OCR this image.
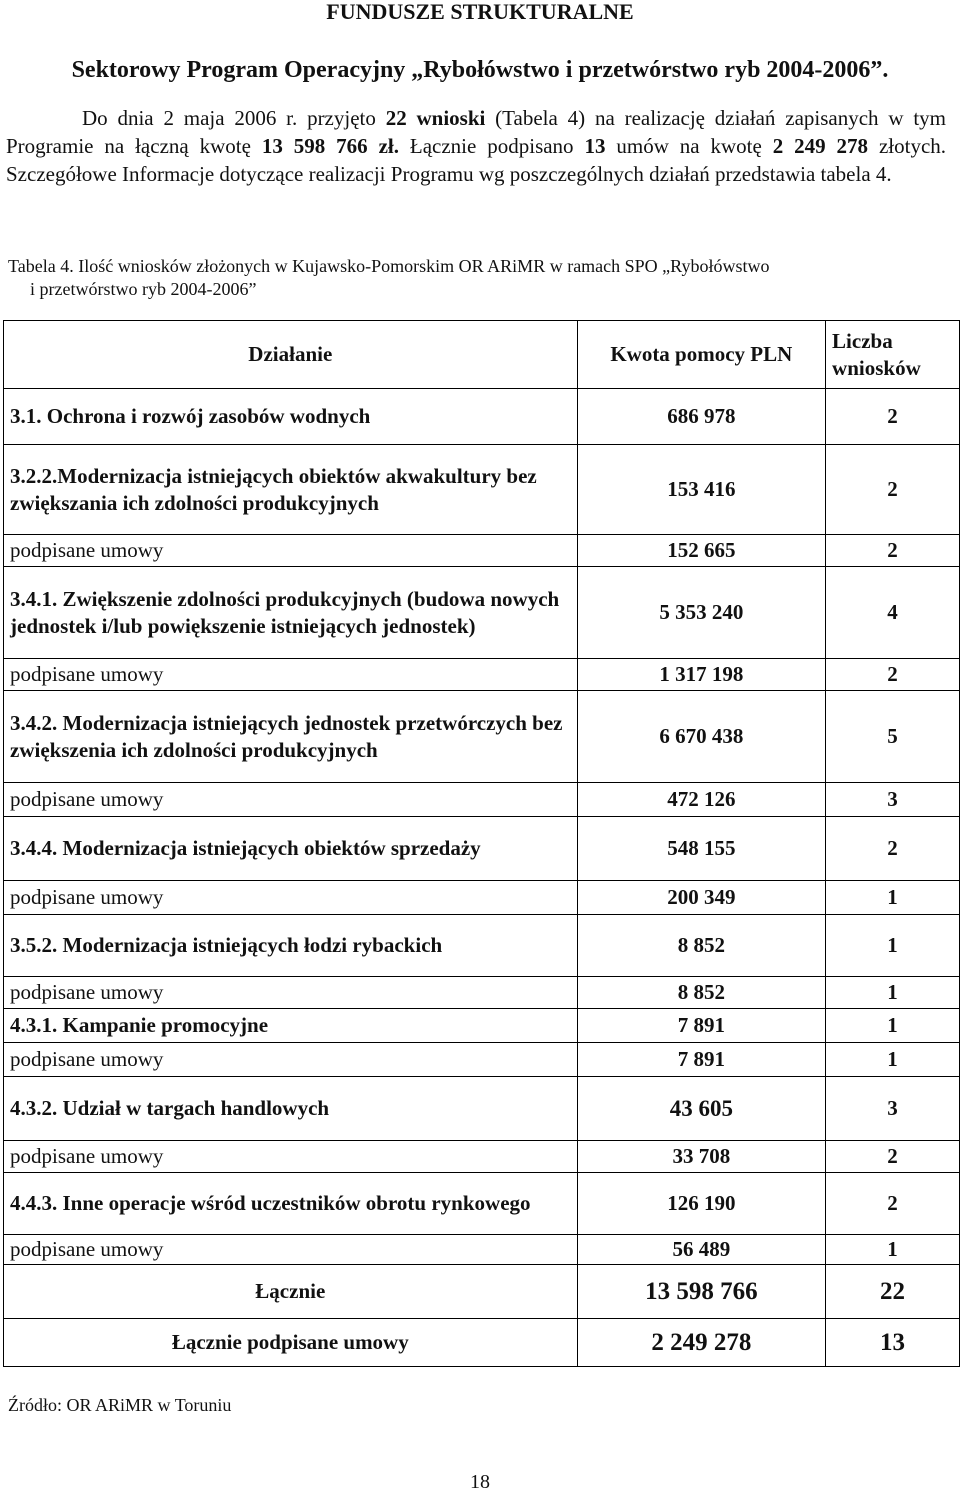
FUNDUSZE STRUKTURALNE
Sektorowy Program Operacyjny „Rybołówstwo i przetwórstwo ryb 2004-2006”.
Do dnia 2 maja 2006 r. przyjęto 22 wnioski (Tabela 4) na realizację działań zapisanych w tym Programie na łączną kwotę 13 598 766 zł. Łącznie podpisano 13 umów na kwotę 2 249 278 złotych. Szczegółowe Informacje dotyczące realizacji Programu wg poszczególnych działań przedstawia tabela 4.
Tabela 4. Ilość wniosków złożonych w Kujawsko-Pomorskim OR ARiMR w ramach SPO „Rybołówstwo
i przetwórstwo ryb 2004-2006”
Działanie	Kwota pomocy PLN	Liczba wniosków
3.1. Ochrona i rozwój zasobów wodnych	686 978	2
3.2.2.Modernizacja istniejących obiektów akwakultury bez zwiększania ich zdolności produkcyjnych	153 416	2
podpisane umowy	152 665	2
3.4.1. Zwiększenie zdolności produkcyjnych (budowa nowych jednostek i/lub powiększenie istniejących jednostek)	5 353 240	4
podpisane umowy	1 317 198	2
3.4.2. Modernizacja istniejących jednostek przetwórczych bez zwiększenia ich zdolności produkcyjnych	6 670 438	5
podpisane umowy	472 126	3
3.4.4. Modernizacja istniejących obiektów sprzedaży	548 155	2
podpisane umowy	200 349	1
3.5.2. Modernizacja istniejących łodzi rybackich	8 852	1
podpisane umowy	8 852	1
4.3.1. Kampanie promocyjne	7 891	1
podpisane umowy	7 891	1
4.3.2. Udział w targach handlowych	43 605	3
podpisane umowy	33 708	2
4.4.3. Inne operacje wśród uczestników obrotu rynkowego	126 190	2
podpisane umowy	56 489	1
Łącznie	13 598 766	22
Łącznie podpisane umowy	2 249 278	13
Źródło: OR ARiMR w Toruniu
18
